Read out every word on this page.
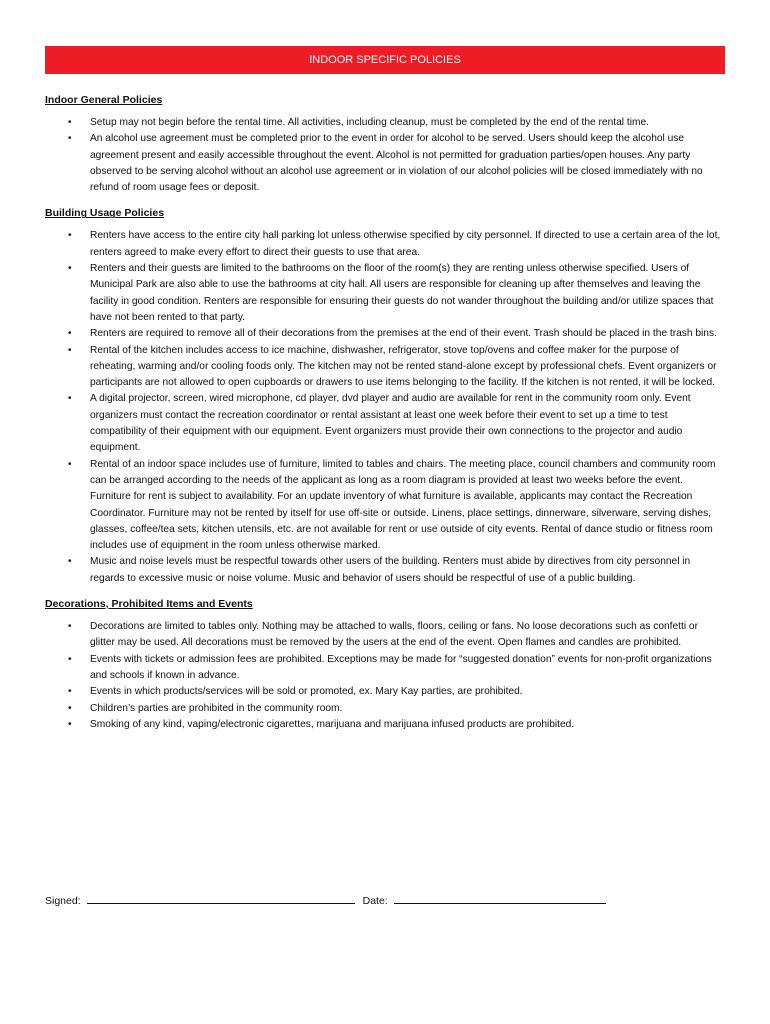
INDOOR SPECIFIC POLICIES
Indoor General Policies
• Setup may not begin before the rental time. All activities, including cleanup, must be completed by the end of the rental time.
• An alcohol use agreement must be completed prior to the event in order for alcohol to be served. Users should keep the alcohol use agreement present and easily accessible throughout the event. Alcohol is not permitted for graduation parties/open houses. Any party observed to be serving alcohol without an alcohol use agreement or in violation of our alcohol policies will be closed immediately with no refund of room usage fees or deposit.
Building Usage Policies
• Renters have access to the entire city hall parking lot unless otherwise specified by city personnel. If directed to use a certain area of the lot, renters agreed to make every effort to direct their guests to use that area.
• Renters and their guests are limited to the bathrooms on the floor of the room(s) they are renting unless otherwise specified. Users of Municipal Park are also able to use the bathrooms at city hall. All users are responsible for cleaning up after themselves and leaving the facility in good condition. Renters are responsible for ensuring their guests do not wander throughout the building and/or utilize spaces that have not been rented to that party.
• Renters are required to remove all of their decorations from the premises at the end of their event. Trash should be placed in the trash bins.
• Rental of the kitchen includes access to ice machine, dishwasher, refrigerator, stove top/ovens and coffee maker for the purpose of reheating, warming and/or cooling foods only. The kitchen may not be rented stand-alone except by professional chefs. Event organizers or participants are not allowed to open cupboards or drawers to use items belonging to the facility. If the kitchen is not rented, it will be locked.
• A digital projector, screen, wired microphone, cd player, dvd player and audio are available for rent in the community room only. Event organizers must contact the recreation coordinator or rental assistant at least one week before their event to set up a time to test compatibility of their equipment with our equipment. Event organizers must provide their own connections to the projector and audio equipment.
• Rental of an indoor space includes use of furniture, limited to tables and chairs. The meeting place, council chambers and community room can be arranged according to the needs of the applicant as long as a room diagram is provided at least two weeks before the event. Furniture for rent is subject to availability. For an update inventory of what furniture is available, applicants may contact the Recreation Coordinator. Furniture may not be rented by itself for use off-site or outside. Linens, place settings, dinnerware, silverware, serving dishes, glasses, coffee/tea sets, kitchen utensils, etc. are not available for rent or use outside of city events. Rental of dance studio or fitness room includes use of equipment in the room unless otherwise marked.
• Music and noise levels must be respectful towards other users of the building. Renters must abide by directives from city personnel in regards to excessive music or noise volume. Music and behavior of users should be respectful of use of a public building.
Decorations, Prohibited Items and Events
• Decorations are limited to tables only. Nothing may be attached to walls, floors, ceiling or fans. No loose decorations such as confetti or glitter may be used. All decorations must be removed by the users at the end of the event. Open flames and candles are prohibited.
• Events with tickets or admission fees are prohibited. Exceptions may be made for “suggested donation” events for non-profit organizations and schools if known in advance.
• Events in which products/services will be sold or promoted, ex. Mary Kay parties, are prohibited.
• Children’s parties are prohibited in the community room.
• Smoking of any kind, vaping/electronic cigarettes, marijuana and marijuana infused products are prohibited.
Signed:	Date:
